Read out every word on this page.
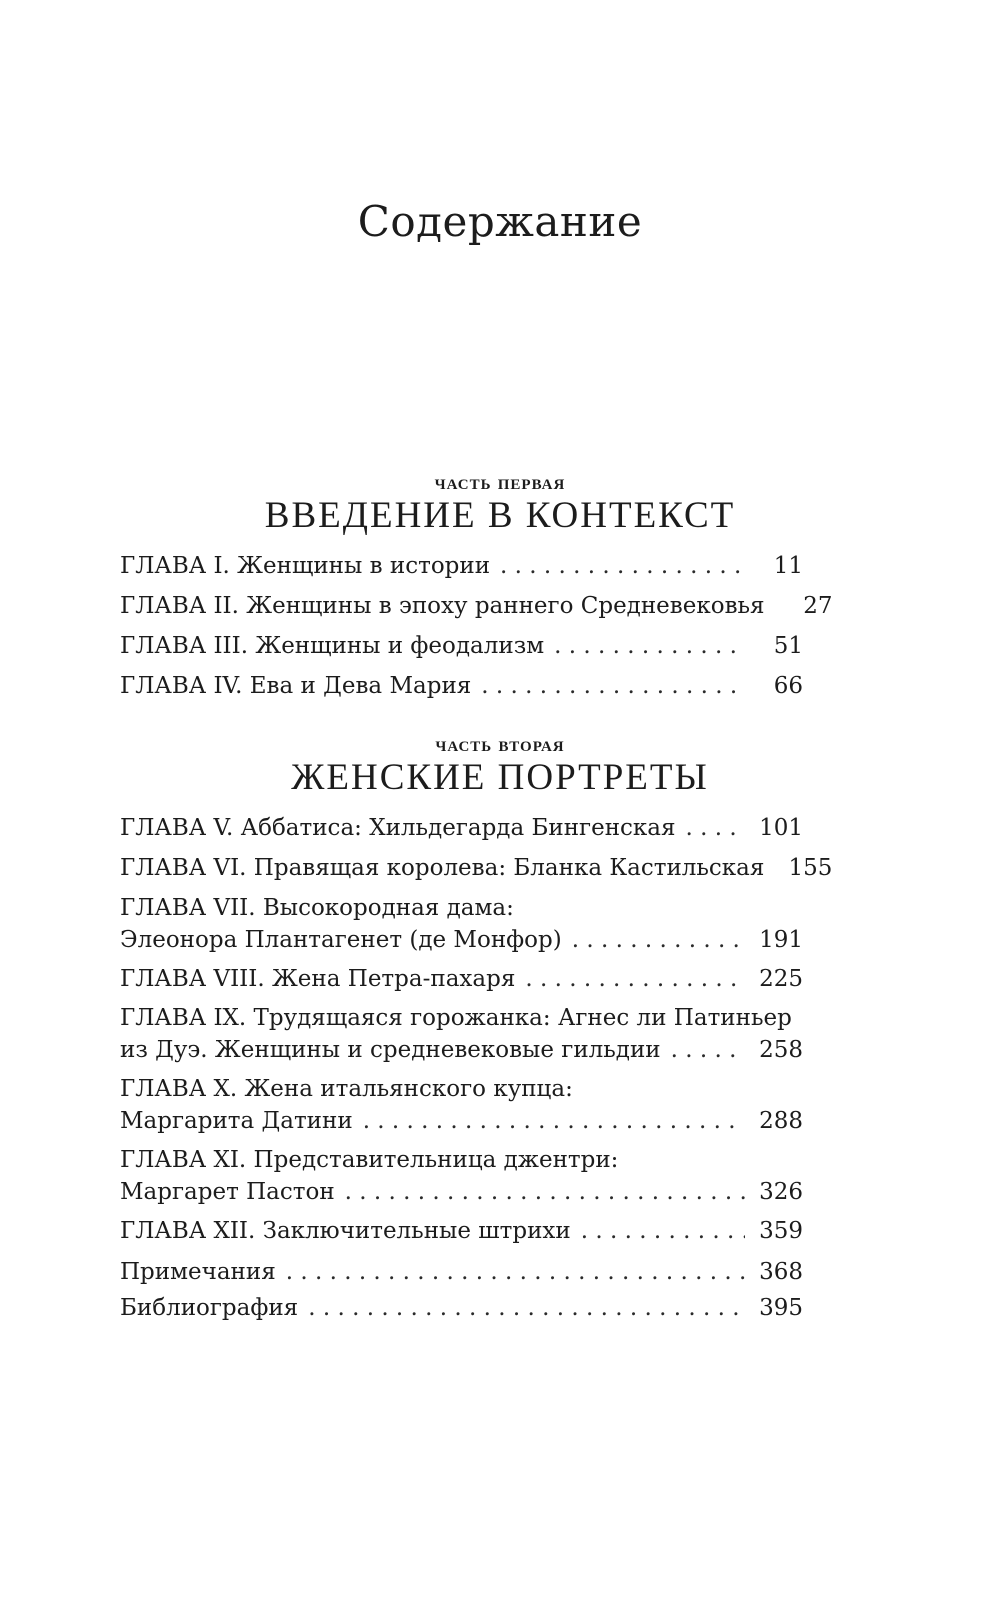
Содержание
часть первая
ВВЕДЕНИЕ В КОНТЕКСТ
ГЛАВА I. Женщины в истории . . .	11
ГЛАВА II. Женщины в эпоху раннего Средневековья	27
ГЛАВА III. Женщины и феодализм . . .	51
ГЛАВА IV. Ева и Дева Мария . . .	66
часть вторая
ЖЕНСКИЕ ПОРТРЕТЫ
ГЛАВА V. Аббатиса: Хильдегарда Бингенская . . .	101
ГЛАВА VI. Правящая королева: Бланка Кастильская 155
ГЛАВА VII. Высокородная дама:
Элеонора Плантагенет (де Монфор) . . .	191
ГЛАВА VIII. Жена Петра-пахаря . . .	225
ГЛАВА IX. Трудящаяся горожанка: Агнес ли Патиньер
из Дуэ. Женщины и средневековые гильдии . . .	258
ГЛАВА X. Жена итальянского купца:
Маргарита Датини . . .	288
ГЛАВА XI. Представительница джентри:
Маргарет Пастон . . .	326
ГЛАВА XII. Заключительные штрихи . . .	359
Примечания . . .	368
Библиография . . .	395
